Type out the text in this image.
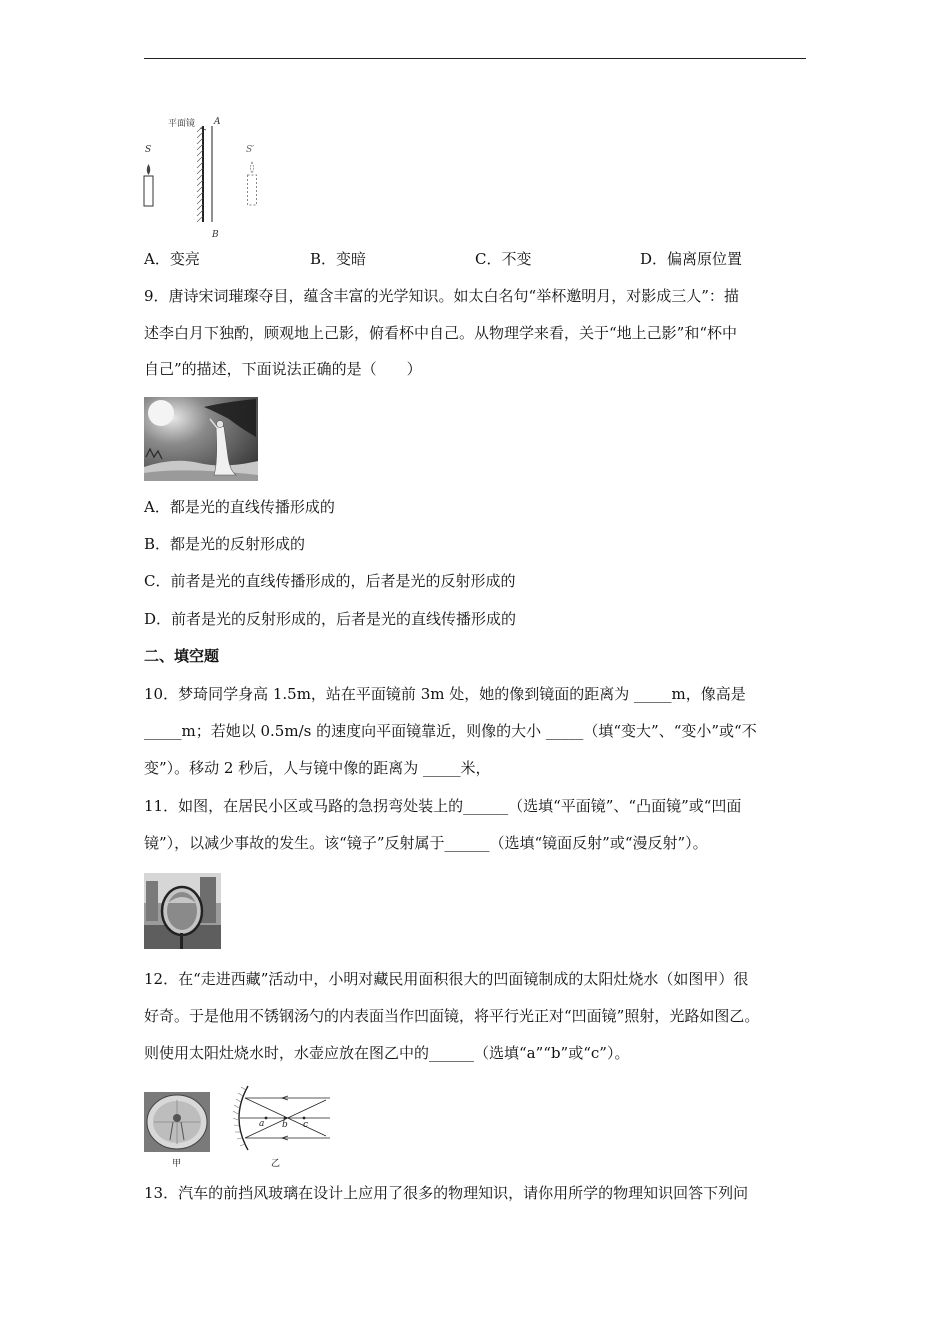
平面镜 A
B
S	S′
A．变亮	B．变暗	C．不变	D．偏离原位置
9．唐诗宋词璀璨夺目，蕴含丰富的光学知识。如太白名句“举杯邀明月，对影成三人”：描
述李白月下独酌，顾观地上己影，俯看杯中自己。从物理学来看，关于“地上己影”和“杯中
自己”的描述，下面说法正确的是（　　）
A．都是光的直线传播形成的
B．都是光的反射形成的
C．前者是光的直线传播形成的，后者是光的反射形成的
D．前者是光的反射形成的，后者是光的直线传播形成的
二、填空题
10．梦琦同学身高 1.5m，站在平面镜前 3m 处，她的像到镜面的距离为 _____m，像高是
_____m；若她以 0.5m/s 的速度向平面镜靠近，则像的大小 _____（填“变大”、“变小”或“不
变”）。移动 2 秒后，人与镜中像的距离为 _____米，
11．如图，在居民小区或马路的急拐弯处装上的______（选填“平面镜”、“凸面镜”或“凹面
镜”），以减少事故的发生。该“镜子”反射属于______（选填“镜面反射”或“漫反射”）。
12．在“走进西藏”活动中，小明对藏民用面积很大的凹面镜制成的太阳灶烧水（如图甲）很
好奇。于是他用不锈钢汤勺的内表面当作凹面镜，将平行光正对“凹面镜”照射，光路如图乙。
则使用太阳灶烧水时，水壶应放在图乙中的______（选填“a”“b”或“c”）。
甲
a b c
乙
13．汽车的前挡风玻璃在设计上应用了很多的物理知识，请你用所学的物理知识回答下列问
